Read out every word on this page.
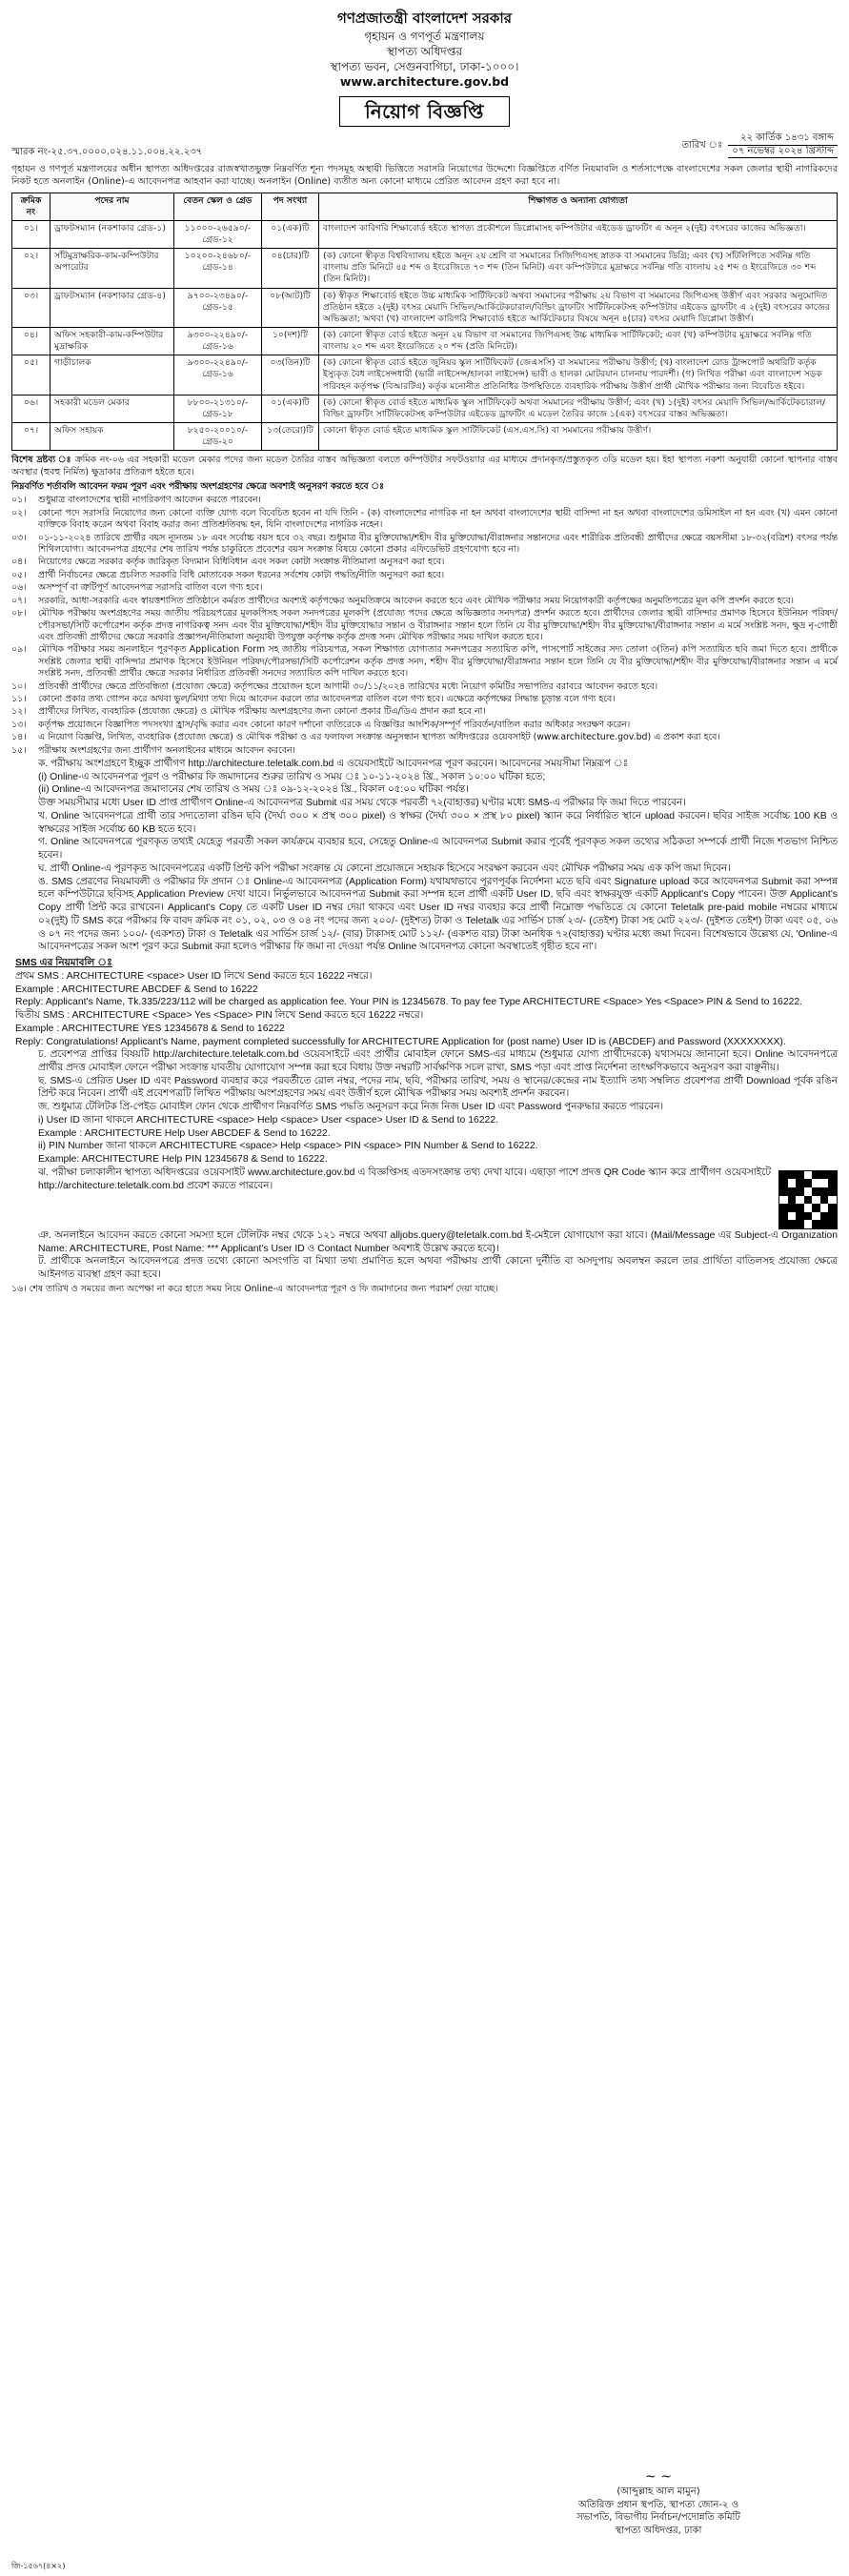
গণপ্রজাতন্ত্রী বাংলাদেশ সরকার
গৃহায়ন ও গণপূর্ত মন্ত্রণালয়
স্থাপত্য অধিদপ্তর
স্থাপত্য ভবন, সেগুনবাগিচা, ঢাকা-১০০০।
www.architecture.gov.bd
নিয়োগ বিজ্ঞপ্তি
স্মারক নং-২৫.৩৭.০০০০.০২৪.১১.০০৪.২২.২৩৭
তারিখ ঃ
২২ কার্তিক ১৪৩১ বঙ্গাব্দ
০৭ নভেম্বর ২০২৪ খ্রিস্টাব্দ

গৃহায়ন ও গণপূর্ত মন্ত্রণালয়ের অধীন স্থাপত্য অধিদপ্তরের রাজস্বখাতভুক্ত নিম্নবর্ণিত শূন্য পদসমূহ অস্থায়ী ভিত্তিতে সরাসরি নিয়োগের উদ্দেশ্যে বিজ্ঞপ্তিতে বর্ণিত নিয়মাবলি ও শর্তসাপেক্ষে বাংলাদেশের সকল জেলার স্থায়ী নাগরিকদের নিকট হতে অনলাইন (Online)-এ আবেদনপত্র আহবান করা যাচ্ছে। অনলাইন (Online) ব্যতীত অন্য কোনো মাধ্যমে প্রেরিত আবেদন গ্রহণ করা হবে না।

ক্রমিক নং	পদের নাম	বেতন স্কেল ও গ্রেড	পদ সংখ্যা	শিক্ষাগত ও অন্যান্য যোগ্যতা
০১।	ড্রাফটসম্যান (নকশাকার গ্রেড-১)	১১০০০-২৬৫৯০/- গ্রেড-১২	০১(এক)টি	বাংলাদেশ কারিগরি শিক্ষাবোর্ড হইতে স্থাপত্য প্রকৌশলে ডিপ্লোমাসহ কম্পিউটার এইডেড ড্রাফটিং এ অনূন ২(দুই) বৎসরের কাজের অভিজ্ঞতা।
০২।	সাঁটমুদ্রাক্ষরিক-কাম-কম্পিউটার অপারেটর	১০২০০-২৪৬৮০/- গ্রেড-১৪	০৪(চার)টি	(ক) কোনো স্বীকৃত বিশ্ববিদ্যালয় হইতে অনূন ২য় শ্রেণি বা সমমানের সিজিপিএসহ স্নাতক বা সমমানের ডিগ্রি; এবং (খ) সাঁটলিপিতে সর্বনিম্ন গতি বাংলায় প্রতি মিনিটে ৪৫ শব্দ ও ইংরেজিতে ৭০ শব্দ (তিন মিনিট) এবং কম্পিউটারে মুদ্রাক্ষরে সর্বনিম্ন গতি বাংলায় ২৫ শব্দ ও ইংরেজিতে ৩০ শব্দ (তিন মিনিট)।
০৩।	ড্রাফটসম্যান (নকশাকার গ্রেড-৪)	৯৭০০-২৩৪৯০/- গ্রেড-১৫	০৮(আট)টি	(ক) স্বীকৃত শিক্ষাবোর্ড হইতে উচ্চ মাধ্যমিক সার্টিফিকেট অথবা সমমানের পরীক্ষায় ২য় বিভাগ বা সমমানের জিপিএসহ উত্তীর্ণ এবং সরকার অনুমোদিত প্রতিষ্ঠান হইতে ২(দুই) বৎসর মেয়াদি সিভিল/আর্কিটেকচারাল/বিল্ডিং ড্রাফটিং সার্টিফিকেটসহ কম্পিউটার এইডেড ড্রাফটিং এ ২(দুই) বৎসরের কাজের অভিজ্ঞতা; অথবা (খ) বাংলাদেশ কারিগরি শিক্ষাবোর্ড হইতে আর্কিটেকচার বিষয়ে অনূন ৪(চার) বৎসর মেয়াদি ডিপ্লোমা উত্তীর্ণ।
০৪।	অফিস সহকারী-কাম-কম্পিউটার মুদ্রাক্ষরিক	৯৩০০-২২৪৯০/- গ্রেড-১৬	১০(দশ)টি	(ক) কোনো স্বীকৃত বোর্ড হইতে অনূন ২য় বিভাগ বা সমমানের জিপিএসহ উচ্চ মাধ্যমিক সার্টিফিকেট; এবং (খ) কম্পিউটার মুদ্রাক্ষরে সর্বনিম্ন গতি বাংলায় ২০ শব্দ এবং ইংরেজিতে ২০ শব্দ (প্রতি মিনিটে)।
০৫।	গাড়ীচালক	৯৩০০-২২৪৯০/- গ্রেড-১৬	০৩(তিন)টি	(ক) কোনো স্বীকৃত বোর্ড হইতে জুনিয়র স্কুল সার্টিফিকেট (জেএসসি) বা সমমানের পরীক্ষায় উত্তীর্ণ; (খ) বাংলাদেশ রোড ট্রান্সপোর্ট অথরিটি কর্তৃক ইস্যুকৃত বৈধ লাইসেন্সধারী (ভারী লাইসেন্স/হালকা লাইসেন্স) ভারী ও হালকা মোটরযান চালনায় পারদর্শী। (গ) লিখিত পরীক্ষা এবং বাংলাদেশ সড়ক পরিবহন কর্তৃপক্ষ (বিআরটিএ) কর্তৃক মনোনীত প্রতিনিধির উপস্থিতিতে ব্যবহারিক পরীক্ষায় উত্তীর্ণ প্রার্থী মৌখিক পরীক্ষার জন্য বিবেচিত হইবে।
০৬।	সহকারী মডেল মেকার	৮৮০০-২১৩১০/- গ্রেড-১৮	০১(এক)টি	(ক) কোনো স্বীকৃত বোর্ড হইতে মাধ্যমিক স্কুল সার্টিফিকেট অথবা সমমানের পরীক্ষায় উত্তীর্ণ; এবং (খ) ১(দুই) বৎসর মেয়াদি সিভিল/আর্কিটেকচারাল/বিল্ডিং ড্রাফটিং সার্টিফিকেটসহ কম্পিউটার এইডেড ড্রাফটিং এ মডেল তৈরির কাজে ১(এক) বৎসরের বাস্তব অভিজ্ঞতা।
০৭।	অফিস সহায়ক	৮২৫০-২০০১০/- গ্রেড-২০	১৩(তেরো)টি	কোনো স্বীকৃত বোর্ড হইতে মাধ্যমিক স্কুল সার্টিফিকেট (এস.এস.সি) বা সমমানের পরীক্ষায় উত্তীর্ণ।

বিশেষ দ্রষ্টব্য ঃ ক্রমিক নং-০৬ এর সহকারী মডেল মেকার পদের জন্য মডেল তৈরির বাস্তব অভিজ্ঞতা বলতে কম্পিউটার সফটওয়্যার এর মাধ্যমে প্রদানকৃত/প্রস্তুতকৃত ৩ডি মডেল হয়। ইহা স্থাপত্য নকশা অনুযায়ী কোনো স্থাপনার বাস্তব অবস্থার (হুবহু নির্মিত) ক্ষুদ্রাকার প্রতিরূপ হইতে হবে।

নিম্নবর্ণিত শর্তাবলি আবেদন ফরম পূরণ এবং পরীক্ষায় অংশগ্রহণের ক্ষেত্রে অবশ্যই অনুসরণ করতে হবে ঃ
০১।	শুধুমাত্র বাংলাদেশের স্থায়ী নাগরিকগণ আবেদন করতে পারবেন।
০২।	কোনো পদে সরাসরি নিয়োগের জন্য কোনো ব্যক্তি যোগ্য বলে বিবেচিত হবেন না যদি তিনি - (ক) বাংলাদেশের নাগরিক না হন অথবা বাংলাদেশের স্থায়ী বাসিন্দা না হন অথবা বাংলাদেশের ডমিসাইল না হন এবং (খ) এমন কোনো ব্যক্তিকে বিবাহ করেন অথবা বিবাহ করার জন্য প্রতিশ্রুতিবদ্ধ হন, যিনি বাংলাদেশের নাগরিক নহেন।
০৩।	০১-১১-২০২৪ তারিখে প্রার্থীর বয়স ন্যূনতম ১৮ এবং সর্বোচ্চ বয়স হবে ৩২ বছর। শুধুমাত্র বীর মুক্তিযোদ্ধা/শহীদ বীর মুক্তিযোদ্ধা/বীরাঙ্গনার সন্তানদের এবং শারীরিক প্রতিবন্ধী প্রার্থীদের ক্ষেত্রে বয়সসীমা ১৮-৩২(বত্রিশ) বৎসর পর্যন্ত শিথিলযোগ্য। আবেদনপত্র গ্রহণের শেষ তারিখ পর্যন্ত চাকুরিতে প্রবেশের বয়স সংক্রান্ত বিষয়ে কোনো প্রকার এফিডেভিট গ্রহণযোগ্য হবে না।
০৪।	নিয়োগের ক্ষেত্রে সরকার কর্তৃক জারিকৃত বিদ্যমান বিধিবিধান এবং সকল কোটা সংক্রান্ত নীতিমালা অনুসরণ করা হবে।
০৫।	প্রার্থী নির্বাচনের ক্ষেত্রে প্রচলিত সরকারি বিধি মোতাবেক সকল ধরনের সর্বশেষ কোটা পদ্ধতি/নীতি অনুসরণ করা হবে।
০৬।	অসম্পূর্ণ বা ত্রুটিপূর্ণ আবেদনপত্র সরাসরি বাতিল বলে গণ্য হবে।
০৭।	সরকারি, আধা-সরকারি এবং স্বায়ত্তশাসিত প্রতিষ্ঠানে কর্মরত প্রার্থীদের অবশ্যই কর্তৃপক্ষের অনুমতিক্রমে আবেদন করতে হবে এবং মৌখিক পরীক্ষার সময় নিয়োগকারী কর্তৃপক্ষের অনুমতিপত্রের মূল কপি প্রদর্শন করতে হবে।
০৮।	মৌখিক পরীক্ষায় অংশগ্রহণের সময় জাতীয় পরিচয়পত্রের মূলকপিসহ সকল সনদপত্রের মূলকপি (প্রযোজ্য পদের ক্ষেত্রে অভিজ্ঞতার সনদপত্র) প্রদর্শন করতে হবে। প্রার্থীদের জেলার স্থায়ী বাসিন্দার প্রমাণক হিসেবে ইউনিয়ন পরিষদ/পৌরসভা/সিটি কর্পোরেশন কর্তৃক প্রদত্ত নাগরিকত্ব সনদ এবং বীর মুক্তিযোদ্ধা/শহীদ বীর মুক্তিযোদ্ধার সন্তান ও বীরাঙ্গনার সন্তান হলে তিনি যে বীর মুক্তিযোদ্ধা/শহীদ বীর মুক্তিযোদ্ধা/বীরাঙ্গনার সন্তান এ মর্মে সংশ্লিষ্ট সনদ, ক্ষুদ্র নৃ-গোষ্ঠী এবং প্রতিবন্ধী প্রার্থীদের ক্ষেত্রে সরকারি প্রজ্ঞাপন/নীতিমালা অনুযায়ী উপযুক্ত কর্তৃপক্ষ কর্তৃক প্রদত্ত সনদ মৌখিক পরীক্ষার সময় দাখিল করতে হবে।
০৯।	মৌখিক পরীক্ষার সময় অনলাইনে পূরণকৃত Application Form সহ জাতীয় পরিচয়পত্র, সকল শিক্ষাগত যোগ্যতার সনদপত্রের সত্যায়িত কপি, পাসপোর্ট সাইজের সদ্য তোলা ৩(তিন) কপি সত্যায়িত ছবি জমা দিতে হবে। প্রার্থীকে সংশ্লিষ্ট জেলার স্থায়ী বাসিন্দার প্রমাণক হিসেবে ইউনিয়ন পরিষদ/পৌরসভা/সিটি কর্পোরেশন কর্তৃক প্রদত্ত সনদ, শহীদ বীর মুক্তিযোদ্ধা/বীরাঙ্গনার সন্তান হলে তিনি যে বীর মুক্তিযোদ্ধা/শহীদ বীর মুক্তিযোদ্ধা/বীরাঙ্গনার সন্তান এ মর্মে সংশ্লিষ্ট সনদ, প্রতিবন্ধী প্রার্থীর ক্ষেত্রে সরকার নির্ধারিত প্রতিবন্ধী সনদের সত্যায়িত কপি দাখিল করতে হবে।
১০।	প্রতিবন্ধী প্রার্থীদের ক্ষেত্রে প্রতিবন্ধিতা (প্রযোজ্য ক্ষেত্রে) কর্তৃপক্ষের প্রয়োজন হলে আগামী ৩০/১১/২০২৪ তারিখের মধ্যে নিয়োগ কমিটির সভাপতির বরাবরে আবেদন করতে হবে।
১১।	কোনো প্রকার তথ্য গোপন করে অথবা ভুল/মিথ্যা তথ্য দিয়ে আবেদন করলে তার আবেদনপত্র বাতিল বলে গণ্য হবে। এক্ষেত্রে কর্তৃপক্ষের সিদ্ধান্ত চূড়ান্ত বলে গণ্য হবে।
১২।	প্রার্থীদের লিখিত, ব্যবহারিক (প্রযোজ্য ক্ষেত্রে) ও মৌখিক পরীক্ষায় অংশগ্রহণের জন্য কোনো প্রকার টিএ/ডিএ প্রদান করা হবে না।
১৩।	কর্তৃপক্ষ প্রয়োজনে বিজ্ঞাপিত পদসংখ্যা হ্রাস/বৃদ্ধি করার এবং কোনো কারণ দর্শানো ব্যতিরেকে এ বিজ্ঞপ্তির আংশিক/সম্পূর্ণ পরিবর্তন/বাতিল করার অধিকার সংরক্ষণ করেন।
১৪।	এ নিয়োগ বিজ্ঞপ্তি, লিখিত, ব্যবহারিক (প্রযোজ্য ক্ষেত্রে) ও মৌখিক পরীক্ষা ও এর ফলাফল সংক্রান্ত অনুসন্ধান স্থাপত্য অধিদপ্তরের ওয়েবসাইট (www.architecture.gov.bd) এ প্রকাশ করা হবে।
১৫।	পরীক্ষায় অংশগ্রহণের জন্য প্রার্থীগণ অনলাইনের মাধ্যমে আবেদন করবেন।
ক. পরীক্ষায় অংশগ্রহণে ইচ্ছুক প্রার্থীগণ http://architecture.teletalk.com.bd এ ওয়েবসাইটে আবেদনপত্র পূরণ করবেন। আবেদনের সময়সীমা নিম্নরূপ ঃ
(i) Online-এ আবেদনপত্র পূরণ ও পরীক্ষার ফি জমাদানের শুরুর তারিখ ও সময় ঃ ১০-১১-২০২৪ খ্রি., সকাল ১০:০০ ঘটিকা হতে;
(ii) Online-এ আবেদনপত্র জমাদানের শেষ তারিখ ও সময় ঃ ০৯-১২-২০২৪ খ্রি., বিকাল ০৫:০০ ঘটিকা পর্যন্ত।
উক্ত সময়সীমার মধ্যে User ID প্রাপ্ত প্রার্থীগণ Online-এ আবেদনপত্র Submit এর সময় থেকে পরবর্তী ৭২(বাহাত্তর) ঘণ্টার মধ্যে SMS-এ পরীক্ষার ফি জমা দিতে পারবেন।
খ. Online আবেদনপত্রে প্রার্থী তার সদ্যতোলা রঙিন ছবি (দৈর্ঘ্য ৩০০ × প্রস্থ ৩০০ pixel) ও স্বাক্ষর (দৈর্ঘ্য ৩০০ × প্রস্থ ৮০ pixel) স্ক্যান করে নির্ধারিত স্থানে upload করবেন। ছবির সাইজ সর্বোচ্চ 100 KB ও স্বাক্ষরের সাইজ সর্বোচ্চ 60 KB হতে হবে।
গ. Online আবেদনপত্রে পূরণকৃত তথ্যই যেহেতু পরবর্তী সকল কার্যক্রমে ব্যবহার হবে, সেহেতু Online-এ আবেদনপত্র Submit করার পূর্বেই পূরণকৃত সকল তথ্যের সঠিকতা সম্পর্কে প্রার্থী নিজে শতভাগ নিশ্চিত হবেন।
ঘ. প্রার্থী Online-এ পূরণকৃত আবেদনপত্রের একটি প্রিন্ট কপি পরীক্ষা সংক্রান্ত যে কোনো প্রয়োজনে সহায়ক হিসেবে সংরক্ষণ করবেন এবং মৌখিক পরীক্ষার সময় এক কপি জমা দিবেন।
ঙ. SMS প্রেরণের নিয়মাবলী ও পরীক্ষার ফি প্রদান ঃ Online-এ আবেদনপত্র (Application Form) যথাযথভাবে পূরণপূর্বক নির্দেশনা মতে ছবি এবং Signature upload করে আবেদনপত্র Submit করা সম্পন্ন হলে কম্পিউটারে ছবিসহ Application Preview দেখা যাবে। নির্ভুলভাবে আবেদনপত্র Submit করা সম্পন্ন হলে প্রার্থী একটি User ID, ছবি এবং স্বাক্ষরযুক্ত একটি Applicant's Copy পাবেন। উক্ত Applicant's Copy প্রার্থী প্রিন্ট করে রাখবেন। Applicant's Copy তে একটি User ID নম্বর দেয়া থাকবে এবং User ID নম্বর ব্যবহার করে প্রার্থী নিম্নোক্ত পদ্ধতিতে যে কোনো Teletalk pre-paid mobile নম্বরের মাধ্যমে ০২(দুই) টি SMS করে পরীক্ষার ফি বাবদ ক্রমিক নং ০১, ০২, ০৩ ও ০৪ নং পদের জন্য ২০০/- (দুইশত) টাকা ও Teletalk এর সার্ভিস চার্জ ২৩/- (তেইশ) টাকা সহ মোট ২২৩/- (দুইশত তেইশ) টাকা এবং ০৫, ০৬ ও ০৭ নং পদের জন্য ১০০/- (একশত) টাকা ও Teletalk এর সার্ভিস চার্জ ১২/- (বার) টাকাসহ মোট ১১২/- (একশত বার) টাকা অনধিক ৭২(বাহাত্তর) ঘণ্টার মধ্যে জমা দিবেন। বিশেষভাবে উল্লেখ্য যে, 'Online-এ আবেদনপত্রের সকল অংশ পূরণ করে Submit করা হলেও পরীক্ষার ফি জমা না দেওয়া পর্যন্ত Online আবেদনপত্র কোনো অবস্থাতেই গৃহীত হবে না'।
SMS এর নিয়মাবলি ঃ
প্রথম SMS : ARCHITECTURE <space> User ID লিখে Send করতে হবে 16222 নম্বরে।
Example : ARCHITECTURE ABCDEF & Send to 16222
Reply: Applicant's Name, Tk.335/223/112 will be charged as application fee. Your PIN is 12345678. To pay fee Type ARCHITECTURE <Space> Yes <Space> PIN & Send to 16222.
দ্বিতীয় SMS : ARCHITECTURE <Space> Yes <Space> PIN লিখে Send করতে হবে 16222 নম্বরে।
Example : ARCHITECTURE YES 12345678 & Send to 16222
Reply: Congratulations! Applicant's Name, payment completed successfully for ARCHITECTURE Application for (post name) User ID is (ABCDEF) and Password (XXXXXXXX).
চ. প্রবেশপত্র প্রাপ্তির বিষয়টি http://architecture.teletalk.com.bd ওয়েবসাইটে এবং প্রার্থীর মোবাইল ফোনে SMS-এর মাধ্যমে (শুধুমাত্র যোগ্য প্রার্থীদেরকে) যথাসময়ে জানানো হবে। Online আবেদনপত্রে প্রার্থীর প্রদত্ত মোবাইল ফোনে পরীক্ষা সংক্রান্ত যাবতীয় যোগাযোগ সম্পন্ন করা হবে বিধায় উক্ত নম্বরটি সার্বক্ষণিক সচল রাখা, SMS পড়া এবং প্রাপ্ত নির্দেশনা তাৎক্ষণিকভাবে অনুসরণ করা বাঞ্ছনীয়।
ছ. SMS-এ প্রেরিত User ID এবং Password ব্যবহার করে পরবর্তীতে রোল নম্বর, পদের নাম, ছবি, পরীক্ষার তারিখ, সময় ও স্থানের/কেন্দ্রের নাম ইত্যাদি তথ্য সম্বলিত প্রবেশপত্র প্রার্থী Download পূর্বক রঙিন প্রিন্ট করে নিবেন। প্রার্থী এই প্রবেশপত্রটি লিখিত পরীক্ষায় অংশগ্রহণের সময় এবং উত্তীর্ণ হলে মৌখিক পরীক্ষার সময় অবশ্যই প্রদর্শন করবেন।
জ. শুধুমাত্র টেলিটক প্রি-পেইড মোবাইল ফোন থেকে প্রার্থীগণ নিম্নবর্ণিত SMS পদ্ধতি অনুসরণ করে নিজ নিজ User ID এবং Password পুনরুদ্ধার করতে পারবেন।
i) User ID জানা থাকলে ARCHITECTURE <space> Help <space> User <space> User ID & Send to 16222.
Example : ARCHITECTURE Help User ABCDEF & Send to 16222.
ii) PIN Number জানা থাকলে ARCHITECTURE <space> Help <space> PIN <space> PIN Number & Send to 16222.
Example: ARCHITECTURE Help PIN 12345678 & Send to 16222.
ঝ. পরীক্ষা চলাকালীন স্থাপত্য অধিদপ্তরের ওয়েবসাইট www.architecture.gov.bd এ বিজ্ঞপ্তিসহ এতদসংক্রান্ত তথ্য দেখা যাবে। এছাড়া পাশে প্রদত্ত QR Code স্ক্যান করে প্রার্থীগণ ওয়েবসাইটে http://architecture.teletalk.com.bd প্রবেশ করতে পারবেন।
ঞ. অনলাইনে আবেদন করতে কোনো সমস্যা হলে টেলিটক নম্বর থেকে ১২১ নম্বরে অথবা alljobs.query@teletalk.com.bd ই-মেইলে যোগাযোগ করা যাবে। (Mail/Message এর Subject-এ Organization Name: ARCHITECTURE, Post Name: *** Applicant's User ID ও Contact Number অবশ্যই উল্লেখ করতে হবে)।
ট. প্রার্থীকে অনলাইনে আবেদনপত্রে প্রদত্ত তথ্যে কোনো অসংগতি বা মিথ্যা তথ্য প্রমাণিত হলে অথবা পরীক্ষায় প্রার্থী কোনো দুর্নীতি বা অসদুপায় অবলম্বন করলে তার প্রার্থিতা বাতিলসহ প্রযোজ্য ক্ষেত্রে আইনগত ব্যবস্থা গ্রহণ করা হবে।
১৬। শেষ তারিখ ও সময়ের জন্য অপেক্ষা না করে হাতে সময় নিয়ে Online-এ আবেদনপত্র পূরণ ও ফি জমাদানের জন্য পরামর্শ দেয়া যাচ্ছে।
~ ~
(আব্দুল্লাহ আল মামুন)
অতিরিক্ত প্রধান স্থপতি, স্থাপত্য জোন-২ ও
সভাপতি, বিভাগীয় নির্বাচন/পদোন্নতি কমিটি
স্থাপত্য অধিদপ্তর, ঢাকা
জি-১৫৬৭(৪×২)
